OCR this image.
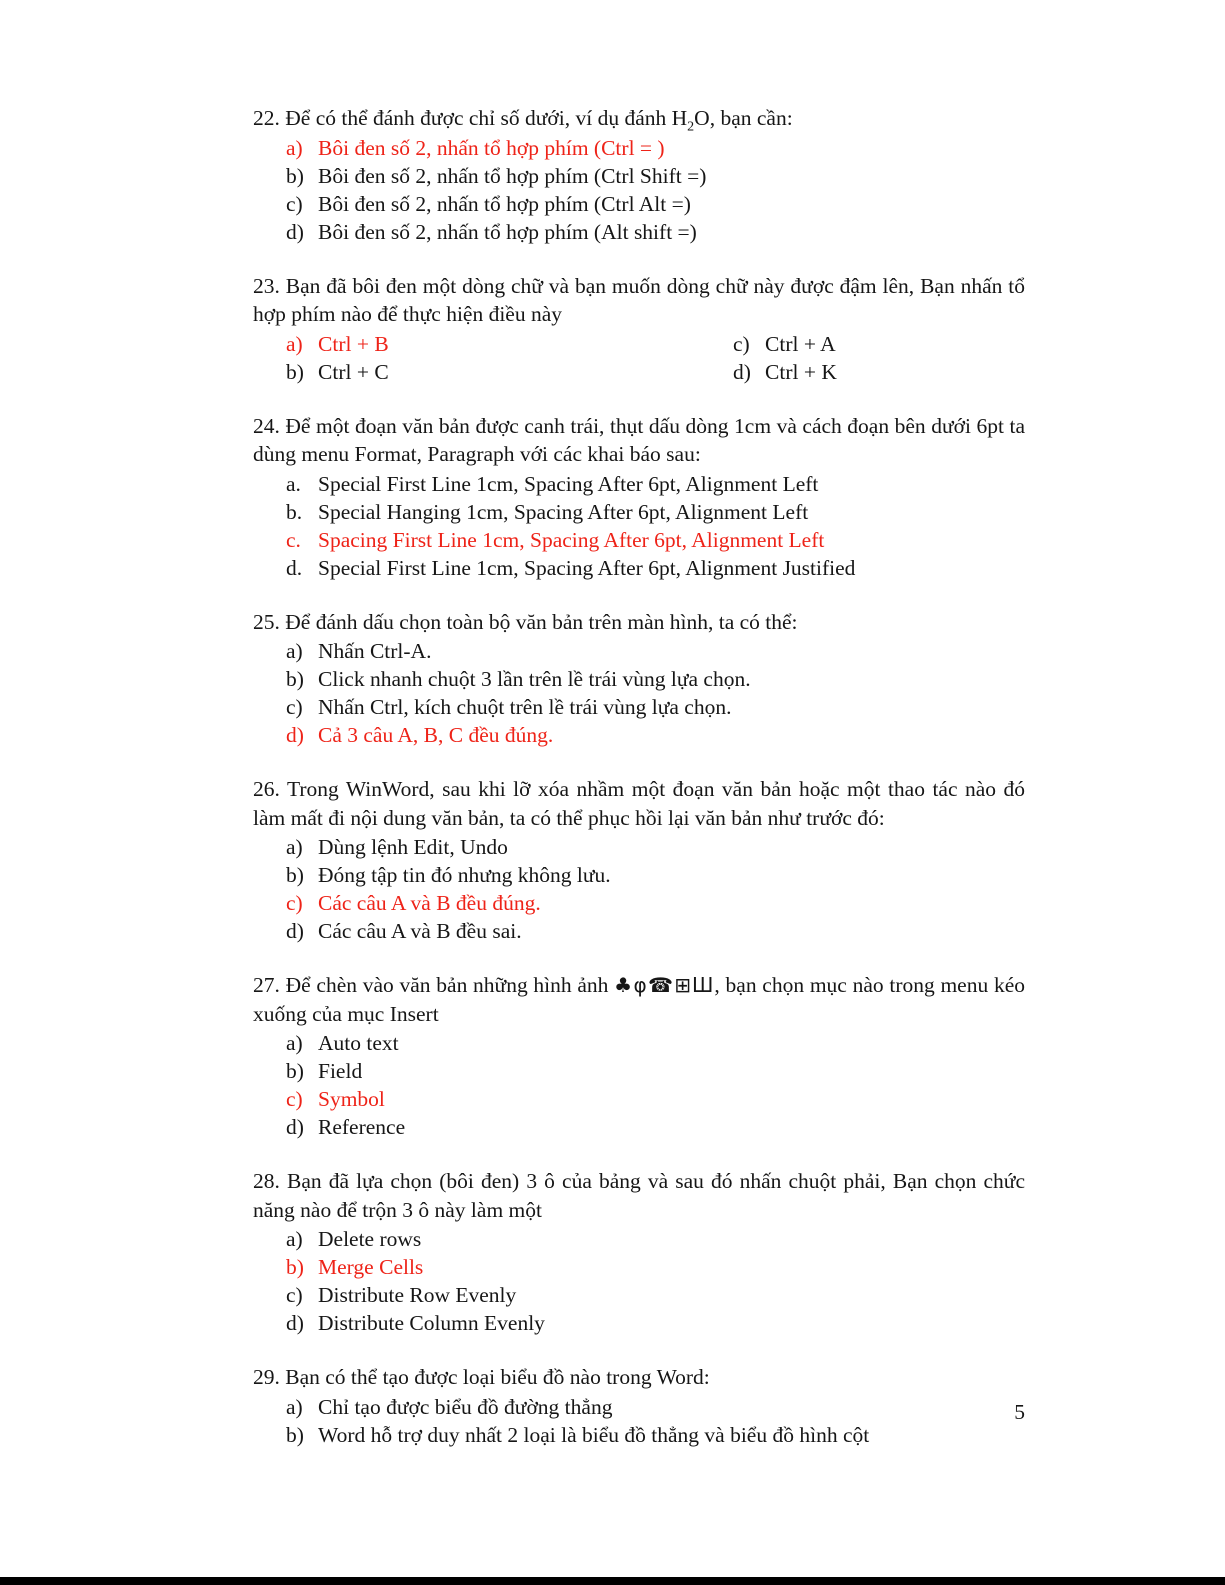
22. Để có thể đánh được chỉ số dưới, ví dụ đánh $H_2O$, bạn cần:

a) Bôi đen số 2, nhấn tổ hợp phím (Ctrl = )
b) Bôi đen số 2, nhấn tổ hợp phím (Ctrl Shift =)
c) Bôi đen số 2, nhấn tổ hợp phím (Ctrl Alt =)
d) Bôi đen số 2, nhấn tổ hợp phím (Alt shift =)

23. Bạn đã bôi đen một dòng chữ và bạn muốn dòng chữ này được đậm lên, Bạn nhấn tổ hợp phím nào để thực hiện điều này

a) Ctrl + B
b) Ctrl + C
c) Ctrl + A
d) Ctrl + K

24. Để một đoạn văn bản được canh trái, thụt dấu dòng 1cm và cách đoạn bên dưới 6pt ta dùng menu Format, Paragraph với các khai báo sau:

a. Special First Line 1cm, Spacing After 6pt, Alignment Left
b. Special Hanging 1cm, Spacing After 6pt, Alignment Left
c. Spacing First Line 1cm, Spacing After 6pt, Alignment Left
d. Special First Line 1cm, Spacing After 6pt, Alignment Justified

25. Để đánh dấu chọn toàn bộ văn bản trên màn hình, ta có thể:

a) Nhấn Ctrl-A.
b) Click nhanh chuột 3 lần trên lề trái vùng lựa chọn.
c) Nhấn Ctrl, kích chuột trên lề trái vùng lựa chọn.
d) Cả 3 câu A, B, C đều đúng.

26. Trong WinWord, sau khi lỡ xóa nhầm một đoạn văn bản hoặc một thao tác nào đó làm mất đi nội dung văn bản, ta có thể phục hồi lại văn bản như trước đó:

a) Dùng lệnh Edit, Undo
b) Đóng tập tin đó nhưng không lưu.
c) Các câu A và B đều đúng.
d) Các câu A và B đều sai.

27. Để chèn vào văn bản những hình ảnh ♣φ☎⊞Ш, bạn chọn mục nào trong menu kéo xuống của mục Insert

a) Auto text
b) Field
c) Symbol
d) Reference

28. Bạn đã lựa chọn (bôi đen) 3 ô của bảng và sau đó nhấn chuột phải, Bạn chọn chức năng nào để trộn 3 ô này làm một

a) Delete rows
b) Merge Cells
c) Distribute Row Evenly
d) Distribute Column Evenly

29. Bạn có thể tạo được loại biểu đồ nào trong Word:

a) Chỉ tạo được biểu đồ đường thẳng
b) Word hỗ trợ duy nhất 2 loại là biểu đồ thẳng và biểu đồ hình cột
5
